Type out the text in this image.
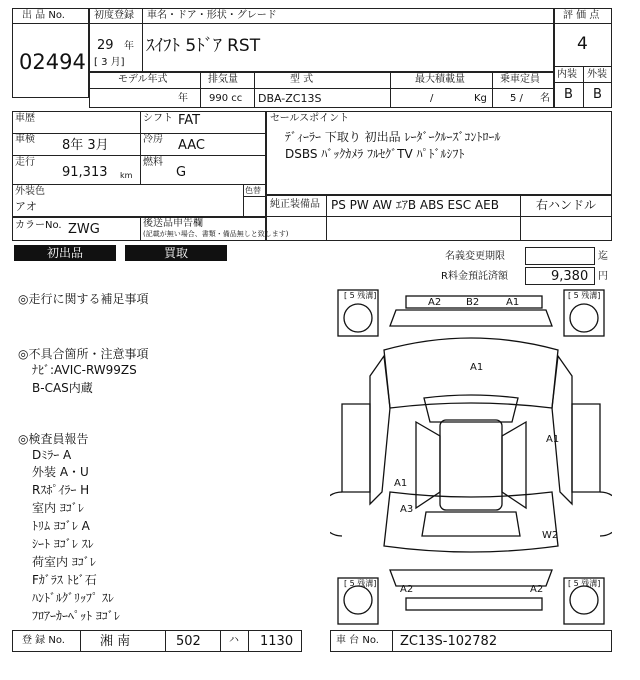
出 品 No.
02494
初度登録 車名・ドア・形状・グレード
29 年
[ 3 月]
ｽｲﾌﾄ 5ﾄﾞｱ RST
評 価 点
4
内装 外装
B B
モデル年式	排気量	型 式	最大積載量	乗車定員
年 990 cc DBA-ZC13S	/	Kg 5 / 名
車歴	シフト FAT
車検 8年 3月	冷房 AAC
走行
91,313 km
燃料
G
外装色
アオ
色替
カラーNo. ZWG	後送品申告欄
(記載が無い場合、書類・備品無しと致します)
セールスポイント
ﾃﾞｨｰﾗｰ 下取り 初出品 ﾚｰﾀﾞｰｸﾙｰｽﾞｺﾝﾄﾛｰﾙ
DSBS ﾊﾞｯｸｶﾒﾗ ﾌﾙｾｸﾞTV ﾊﾟﾄﾞﾙｼﾌﾄ
純正装備品 PS PW AW ｴｱB ABS ESC AEB	右ハンドル
初出品	買取	名義変更期限	迄
R料金預託済額	9,380 円
◎走行に関する補足事項
◎不具合箇所・注意事項
ﾅﾋﾞ:AVIC-RW99ZS
B-CAS内蔵
◎検査員報告
Dﾐﾗｰ A
外装 A・U
Rｽﾎﾟｲﾗｰ H
室内 ﾖｺﾞﾚ
ﾄﾘﾑ ﾖｺﾞﾚ A
ｼｰﾄ ﾖｺﾞﾚ ｽﾚ
荷室内 ﾖｺﾞﾚ
Fｶﾞﾗｽ ﾄﾋﾞ石
ﾊﾝﾄﾞﾙｸﾞﾘｯﾌﾟ ｽﾚ
ﾌﾛｱｰｶｰﾍﾟｯﾄ ﾖｺﾞﾚ
[ 5 残溝]	[ 5 残溝]
[ 5 残溝]	[ 5 残溝]
A2 B2	A1
A1
A1
A1
A3
W2
A2	A2
登 録 No.	湘 南	502	ハ 1130	車 台 No. ZC13S-102782
